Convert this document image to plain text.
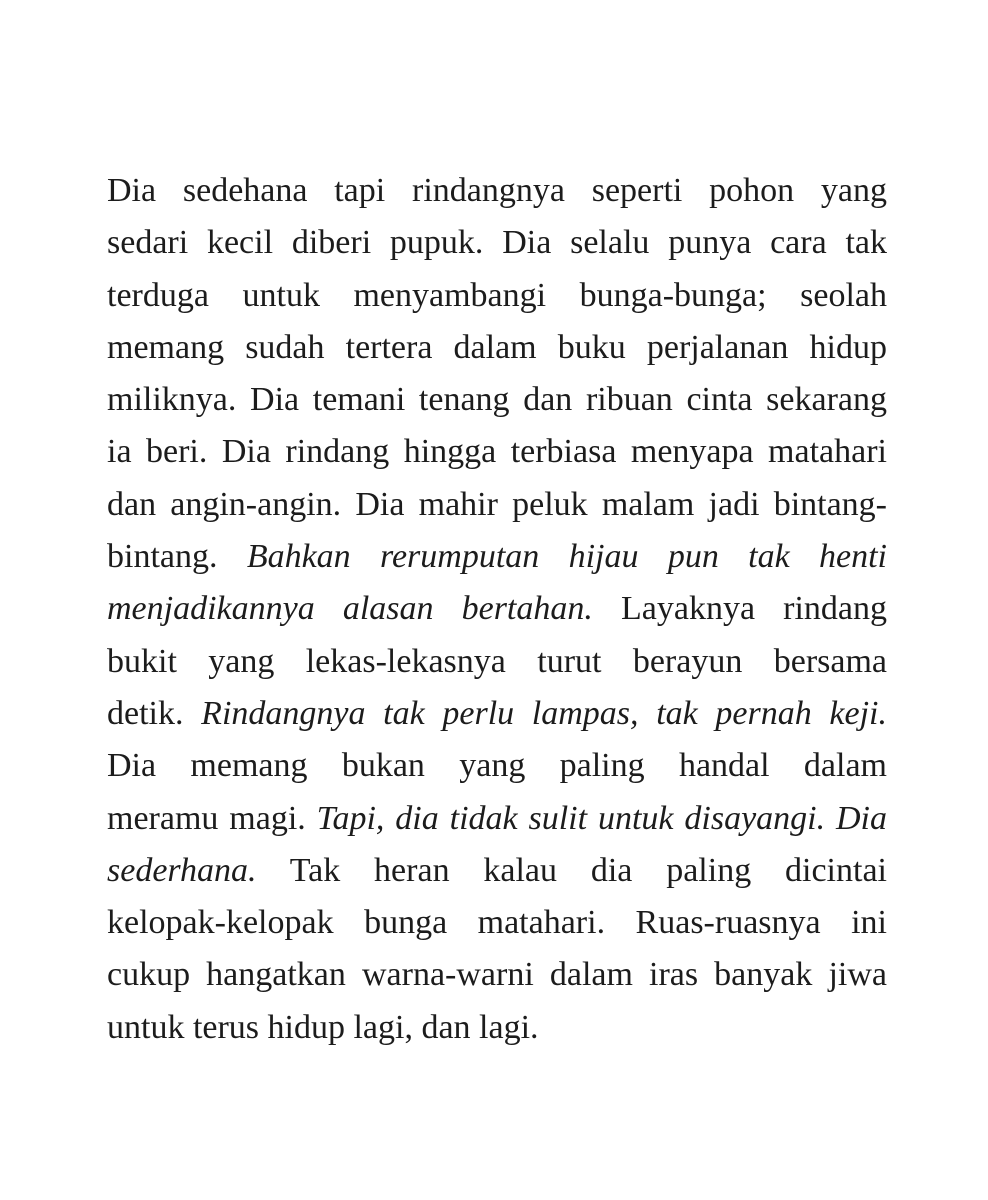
Dia sedehana tapi rindangnya seperti pohon yang
sedari kecil diberi pupuk. Dia selalu punya cara tak
terduga untuk menyambangi bunga-bunga; seolah
memang sudah tertera dalam buku perjalanan hidup
miliknya. Dia temani tenang dan ribuan cinta sekarang
ia beri. Dia rindang hingga terbiasa menyapa matahari
dan angin-angin. Dia mahir peluk malam jadi bintang-
bintang. Bahkan rerumputan hijau pun tak henti
menjadikannya alasan bertahan. Layaknya rindang
bukit yang lekas-lekasnya turut berayun bersama
detik. Rindangnya tak perlu lampas, tak pernah keji.
Dia memang bukan yang paling handal dalam
meramu magi. Tapi, dia tidak sulit untuk disayangi. Dia
sederhana. Tak heran kalau dia paling dicintai
kelopak-kelopak bunga matahari. Ruas-ruasnya ini
cukup hangatkan warna-warni dalam iras banyak jiwa
untuk terus hidup lagi, dan lagi.
